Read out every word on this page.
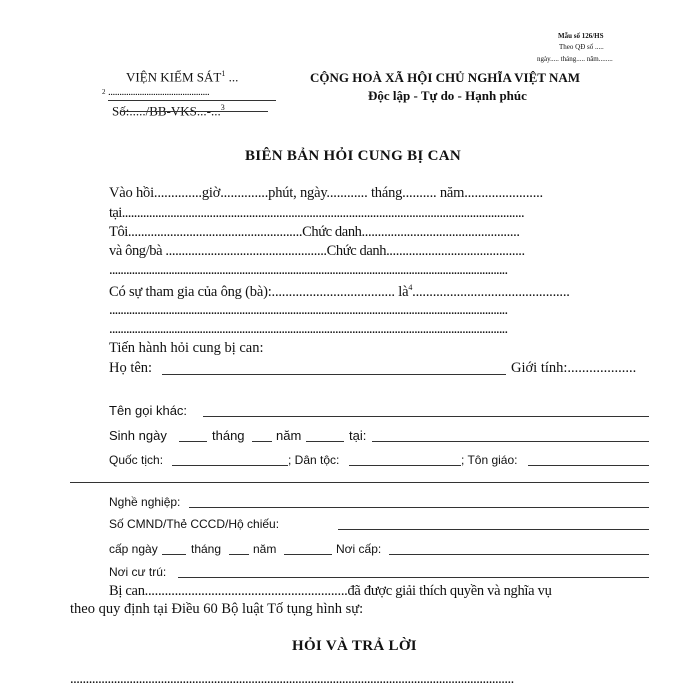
Mẫu số 126/HS
Theo QĐ số .....
ngày..... tháng..... năm........
VIỆN KIỂM SÁT$^1$ ...
2 .............................................
Số:...../BB-VKS...-...$^3$
CỘNG HOÀ XÃ HỘI CHỦ NGHĨA VIỆT NAM
Độc lập - Tự do - Hạnh phúc
BIÊN BẢN HỎI CUNG BỊ CAN
Vào hồi..............giờ..............phút, ngày............ tháng.......... năm.......................
tại.....................................................................................................................................
Tôi......................................................Chức danh.................................................
và ông/bà ..................................................Chức danh...........................................
.............................................................................................................................................
Có sự tham gia của ông (bà):.................................... $là^4$..............................................
.............................................................................................................................................
.............................................................................................................................................
Tiến hành hỏi cung bị can:
Họ tên:	Giới tính:...................
Tên gọi khác:
Sinh ngày	tháng năm	tại:
Quốc tịch:	; Dân tộc:	; Tôn giáo:
Nghề nghiệp:
Số CMND/Thẻ CCCD/Hộ chiếu:
cấp ngày	tháng	năm	Nơi cấp:
Nơi cư trú:
Bị can.............................................................đã được giải thích quyền và nghĩa vụ
theo quy định tại Điều 60 Bộ luật Tố tụng hình sự:
HỎI VÀ TRẢ LỜI
..............................................................................................................................................
